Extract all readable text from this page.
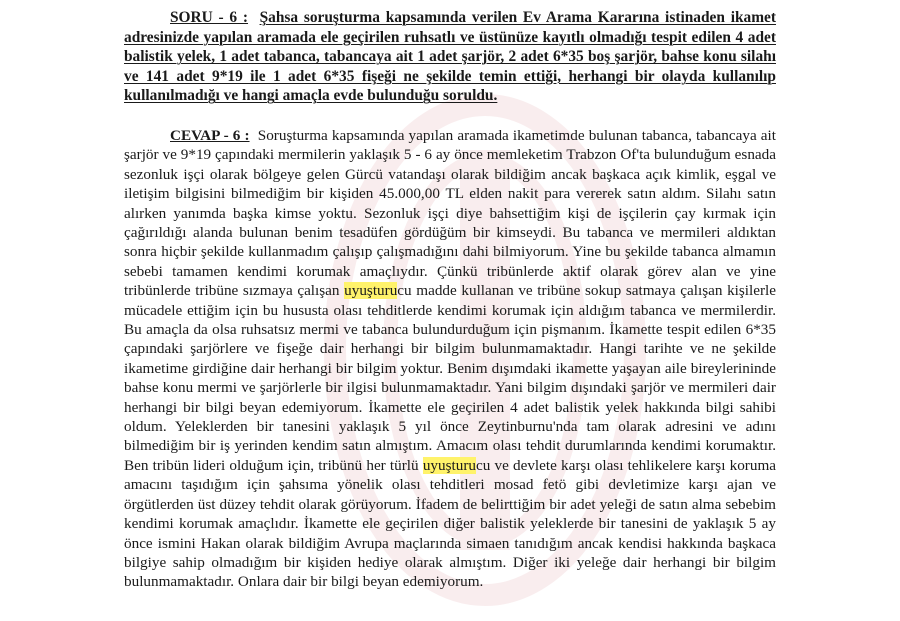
SORU - 6 : Şahsa soruşturma kapsamında verilen Ev Arama Kararına istinaden ikamet adresinizde yapılan aramada ele geçirilen ruhsatlı ve üstünüze kayıtlı olmadığı tespit edilen 4 adet balistik yelek, 1 adet tabanca, tabancaya ait 1 adet şarjör, 2 adet 6*35 boş şarjör, bahse konu silahı ve 141 adet 9*19 ile 1 adet 6*35 fişeği ne şekilde temin ettiği, herhangi bir olayda kullanılıp kullanılmadığı ve hangi amaçla evde bulunduğu soruldu.

CEVAP - 6 : Soruşturma kapsamında yapılan aramada ikametimde bulunan tabanca, tabancaya ait şarjör ve 9*19 çapındaki mermilerin yaklaşık 5 - 6 ay önce memleketim Trabzon Of'ta bulunduğum esnada sezonluk işçi olarak bölgeye gelen Gürcü vatandaşı olarak bildiğim ancak başkaca açık kimlik, eşgal ve iletişim bilgisini bilmediğim bir kişiden 45.000,00 TL elden nakit para vererek satın aldım. Silahı satın alırken yanımda başka kimse yoktu. Sezonluk işçi diye bahsettiğim kişi de işçilerin çay kırmak için çağırıldığı alanda bulunan benim tesadüfen gördüğüm bir kimseydi. Bu tabanca ve mermileri aldıktan sonra hiçbir şekilde kullanmadım çalışıp çalışmadığını dahi bilmiyorum. Yine bu şekilde tabanca almamın sebebi tamamen kendimi korumak amaçlıydır. Çünkü tribünlerde aktif olarak görev alan ve yine tribünlerde tribüne sızmaya çalışan uyuşturucu madde kullanan ve tribüne sokup satmaya çalışan kişilerle mücadele ettiğim için bu hususta olası tehditlerde kendimi korumak için aldığım tabanca ve mermilerdir. Bu amaçla da olsa ruhsatsız mermi ve tabanca bulundurduğum için pişmanım. İkamette tespit edilen 6*35 çapındaki şarjörlere ve fişeğe dair herhangi bir bilgim bulunmamaktadır. Hangi tarihte ve ne şekilde ikametime girdiğine dair herhangi bir bilgim yoktur. Benim dışımdaki ikamette yaşayan aile bireylerininde bahse konu mermi ve şarjörlerle bir ilgisi bulunmamaktadır. Yani bilgim dışındaki şarjör ve mermileri dair herhangi bir bilgi beyan edemiyorum. İkamette ele geçirilen 4 adet balistik yelek hakkında bilgi sahibi oldum. Yeleklerden bir tanesini yaklaşık 5 yıl önce Zeytinburnu'nda tam olarak adresini ve adını bilmediğim bir iş yerinden kendim satın almıştım. Amacım olası tehdit durumlarında kendimi korumaktır. Ben tribün lideri olduğum için, tribünü her türlü uyuşturucu ve devlete karşı olası tehlikelere karşı koruma amacını taşıdığım için şahsıma yönelik olası tehditleri mosad fetö gibi devletimize karşı ajan ve örgütlerden üst düzey tehdit olarak görüyorum. İfadem de belirttiğim bir adet yeleği de satın alma sebebim kendimi korumak amaçlıdır. İkamette ele geçirilen diğer balistik yeleklerde bir tanesini de yaklaşık 5 ay önce ismini Hakan olarak bildiğim Avrupa maçlarında simaen tanıdığım ancak kendisi hakkında başkaca bilgiye sahip olmadığım bir kişiden hediye olarak almıştım. Diğer iki yeleğe dair herhangi bir bilgim bulunmamaktadır. Onlara dair bir bilgi beyan edemiyorum.
